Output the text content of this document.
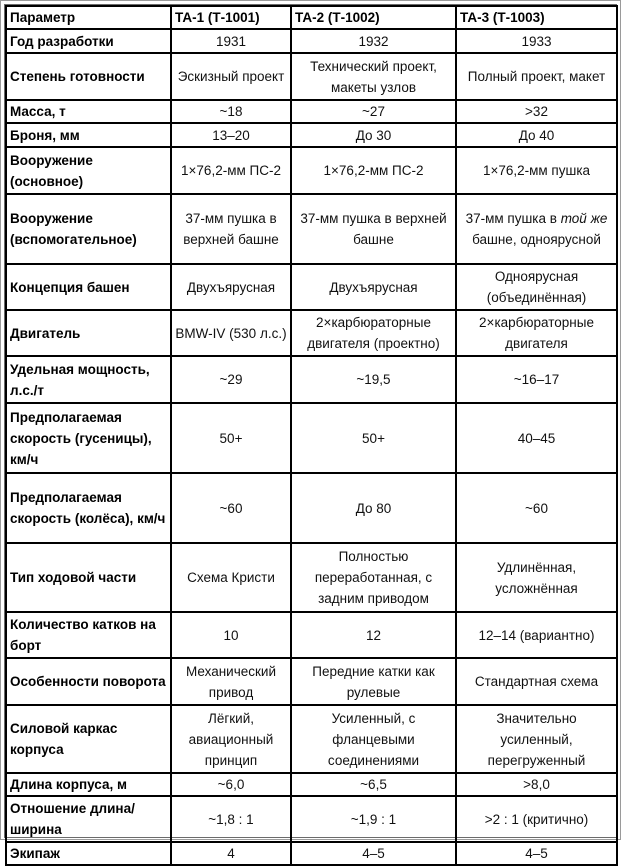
Параметр	ТА-1 (Т-1001)	ТА-2 (Т-1002)	ТА-3 (Т-1003)
Год разработки	1931	1932	1933
Степень готовности	Эскизный проект	Технический проект, макеты узлов	Полный проект, макет
Масса, т	~18	~27	>32
Броня, мм	13–20	До 30	До 40
Вооружение (основное)	1×76,2-мм ПС-2	1×76,2-мм ПС-2	1×76,2-мм пушка
Вооружение (вспомогательное)	37-мм пушка в верхней башне	37-мм пушка в верхней башне	37-мм пушка в той же башне, одноярусной
Концепция башен	Двухъярусная	Двухъярусная	Одноярусная (объединённая)
Двигатель	BMW-IV (530 л.с.)	2×карбюраторные двигателя (проектно)	2×карбюраторные двигателя
Удельная мощность, л.с./т	~29	~19,5	~16–17
Предполагаемая скорость (гусеницы), км/ч	50+	50+	40–45
Предполагаемая скорость (колёса), км/ч	~60	До 80	~60
Тип ходовой части	Схема Кристи	Полностью переработанная, с задним приводом	Удлинённая, усложнённая
Количество катков на борт	10	12	12–14 (вариантно)
Особенности поворота	Механический привод	Передние катки как рулевые	Стандартная схема
Силовой каркас корпуса	Лёгкий, авиационный принцип	Усиленный, с фланцевыми соединениями	Значительно усиленный, перегруженный
Длина корпуса, м	~6,0	~6,5	>8,0
Отношение длина/ширина	~1,8 : 1	~1,9 : 1	>2 : 1 (критично)
Экипаж	4	4–5	4–5
